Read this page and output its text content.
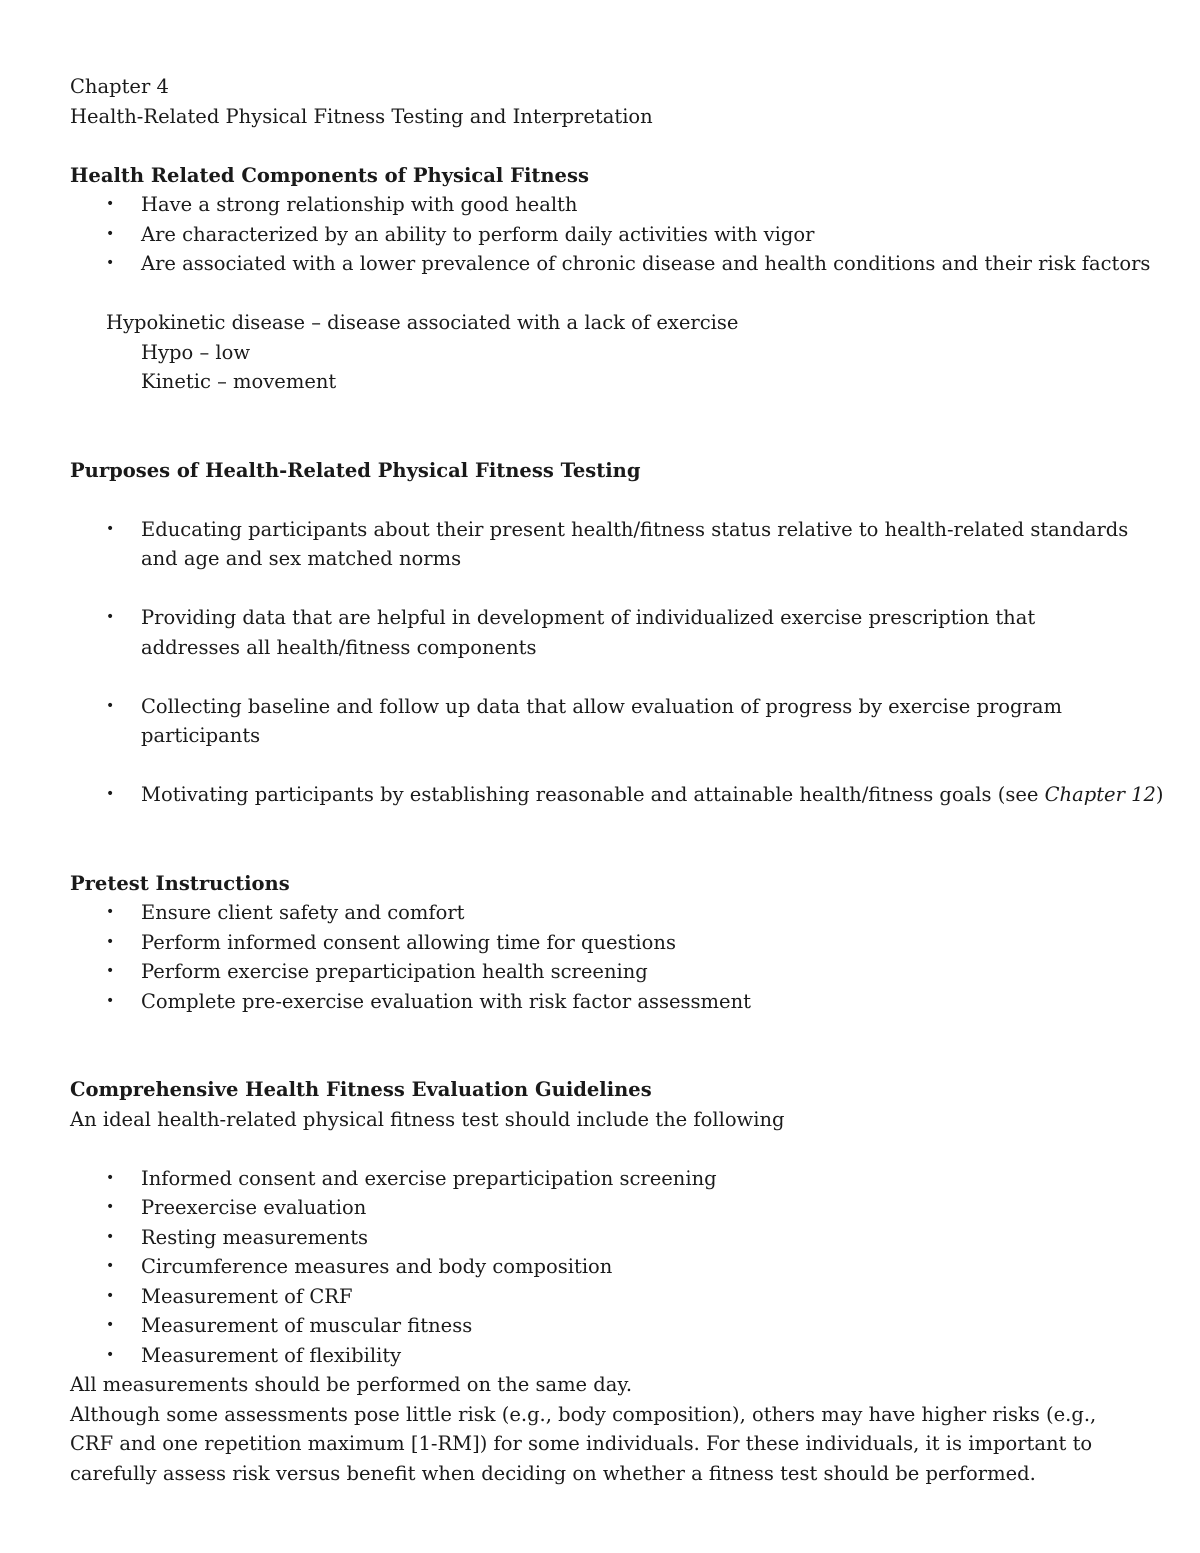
Chapter 4
Health-Related Physical Fitness Testing and Interpretation
Health Related Components of Physical Fitness
• Have a strong relationship with good health
• Are characterized by an ability to perform daily activities with vigor
• Are associated with a lower prevalence of chronic disease and health conditions and their risk factors
Hypokinetic disease – disease associated with a lack of exercise
Hypo – low
Kinetic – movement
Purposes of Health-Related Physical Fitness Testing
• Educating participants about their present health/fitness status relative to health-related standards and age and sex matched norms
• Providing data that are helpful in development of individualized exercise prescription that addresses all health/fitness components
• Collecting baseline and follow up data that allow evaluation of progress by exercise program participants
• Motivating participants by establishing reasonable and attainable health/fitness goals (see Chapter 12)
Pretest Instructions
• Ensure client safety and comfort
• Perform informed consent allowing time for questions
• Perform exercise preparticipation health screening
• Complete pre-exercise evaluation with risk factor assessment
Comprehensive Health Fitness Evaluation Guidelines
An ideal health-related physical fitness test should include the following
• Informed consent and exercise preparticipation screening
• Preexercise evaluation
• Resting measurements
• Circumference measures and body composition
• Measurement of CRF
• Measurement of muscular fitness
• Measurement of flexibility
All measurements should be performed on the same day.
Although some assessments pose little risk (e.g., body composition), others may have higher risks (e.g., CRF and one repetition maximum [1-RM]) for some individuals. For these individuals, it is important to carefully assess risk versus benefit when deciding on whether a fitness test should be performed.
